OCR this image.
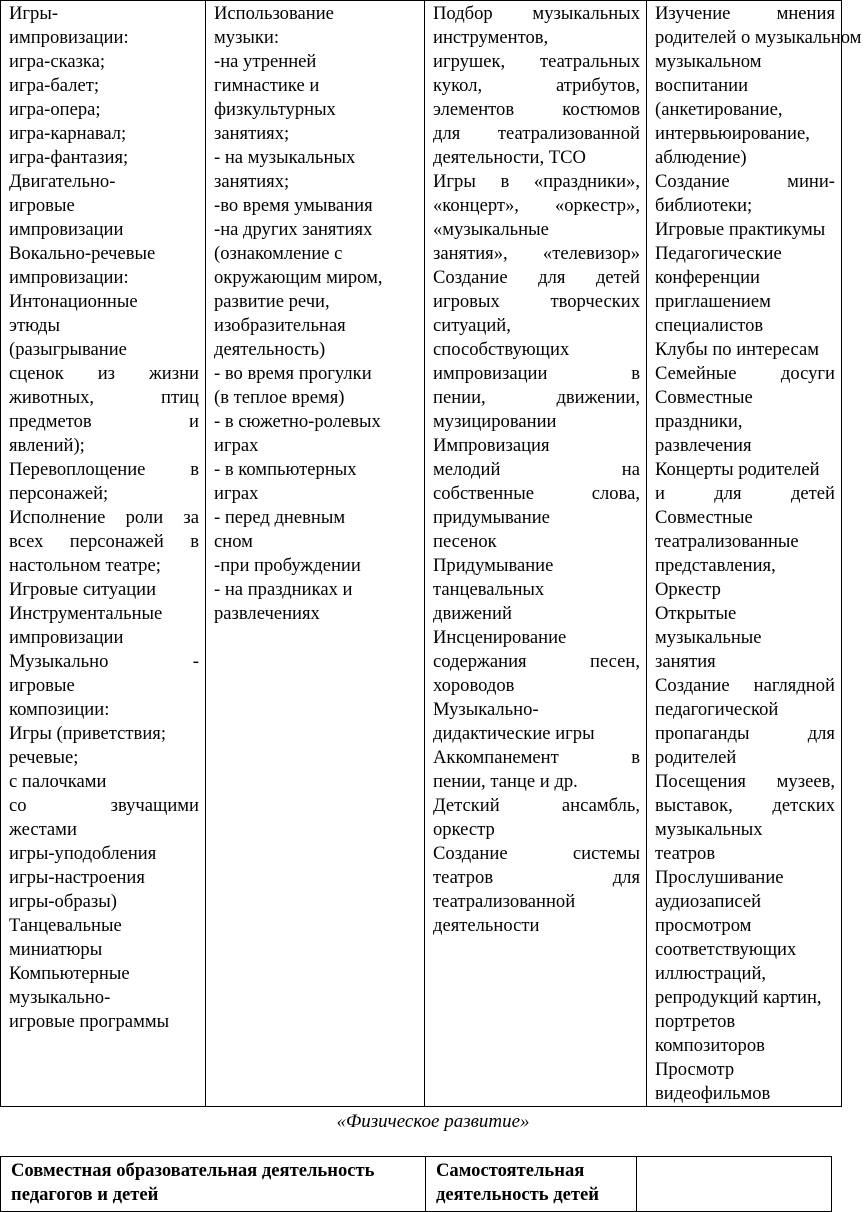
Игры-
импровизации:
игра-сказка;
игра-балет;
игра-опера;
игра-карнавал;
игра-фантазия;
Двигательно-
игровые
импровизации
Вокально-речевые
импровизации:
Интонационные
этюды
(разыгрывание
сценок из жизни
животных, птиц
предметов и
явлений);
Перевоплощение в
персонажей;
Исполнение роли за
всех персонажей в
настольном театре;
Игровые ситуации
Инструментальные
импровизации
Музыкально -
игровые
композиции:
Игры (приветствия;
речевые;
с палочками
со звучащими
жестами
игры-уподобления
игры-настроения
игры-образы)
Танцевальные
миниатюры
Компьютерные
музыкально-
игровые программы

Использование
музыки:
-на утренней
гимнастике и
физкультурных
занятиях;
- на музыкальных
занятиях;
-во время умывания
-на других занятиях
(ознакомление с
окружающим миром,
развитие речи,
изобразительная
деятельность)
- во время прогулки
(в теплое время)
- в сюжетно-ролевых
играх
- в компьютерных
играх
- перед дневным
сном
-при пробуждении
- на праздниках и
развлечениях

Подбор музыкальных
инструментов,
игрушек, театральных
кукол, атрибутов,
элементов костюмов
для театрализованной
деятельности, ТСО
Игры в «праздники»,
«концерт», «оркестр»,
«музыкальные
занятия», «телевизор»
Создание для детей
игровых творческих
ситуаций,
способствующих
импровизации в
пении, движении,
музицировании
Импровизация
мелодий на
собственные слова,
придумывание
песенок
Придумывание
танцевальных
движений
Инсценирование
содержания песен,
хороводов
Музыкально-
дидактические игры
Аккомпанемент в
пении, танце и др.
Детский ансамбль,
оркестр
Создание системы
театров для
театрализованной
деятельности

Изучение мнения
родителей о музыкальном
музыкальном
воспитании
(анкетирование,
интервьюирование,
аблюдение)
Создание мини-
библиотеки;
Игровые практикумы
Педагогические
конференции
приглашением
специалистов
Клубы по интересам
Семейные досуги
Совместные
праздники,
развлечения
Концерты родителей
и для детей
Совместные
театрализованные
представления,
Оркестр
Открытые
музыкальные
занятия
Создание наглядной
педагогической
пропаганды для
родителей
Посещения музеев,
выставок, детских
музыкальных
театров
Прослушивание
аудиозаписей
просмотром
соответствующих
иллюстраций,
репродукций картин,
портретов
композиторов
Просмотр
видеофильмов
«Физическое развитие»
Совместная образовательная деятельность педагогов и детей	Самостоятельная деятельность детей	
